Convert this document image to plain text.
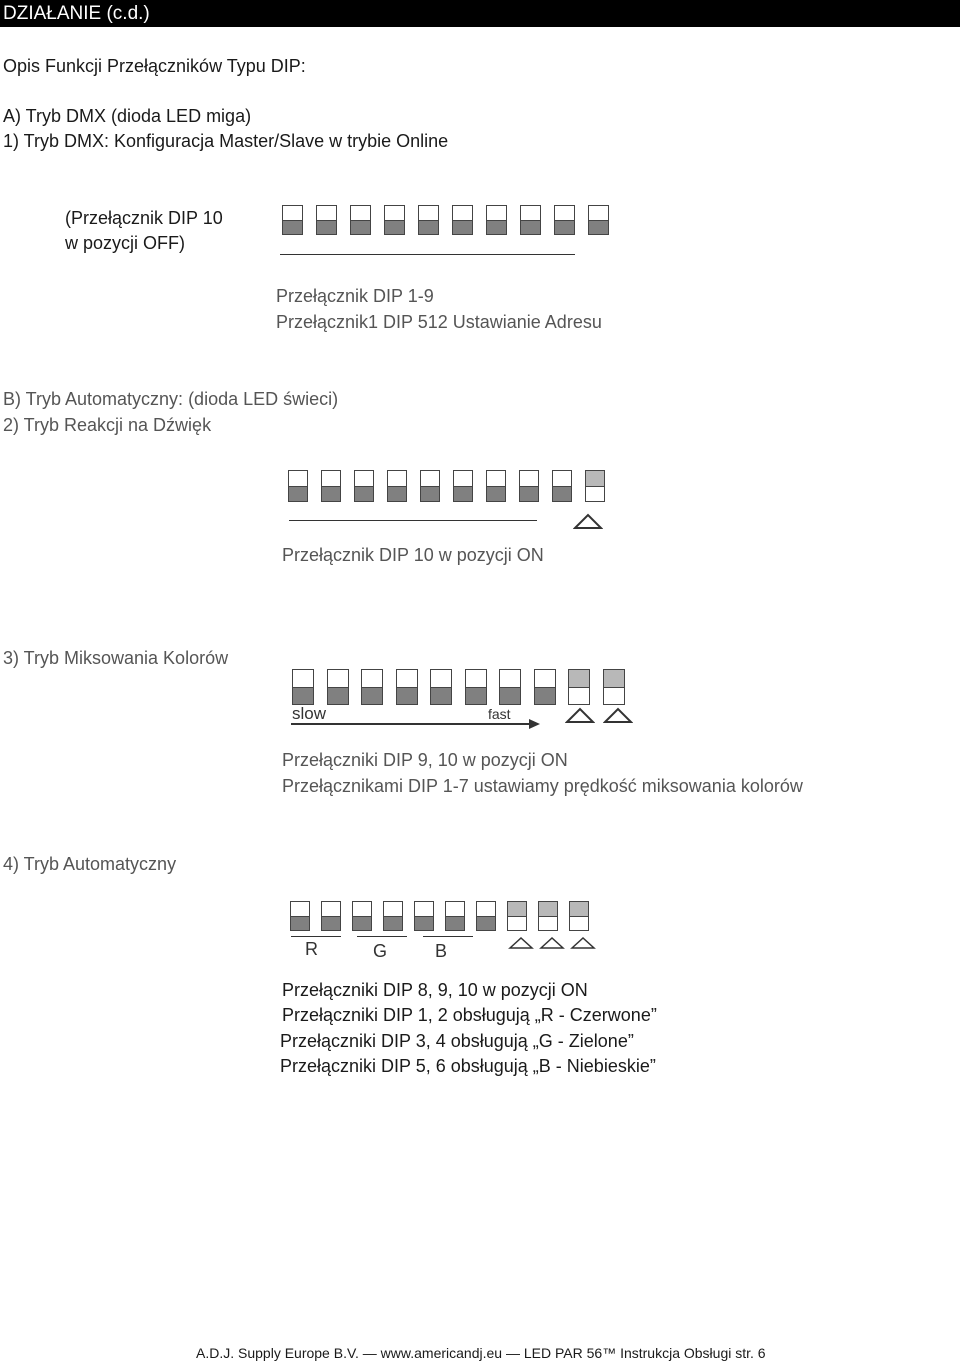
DZIAŁANIE (c.d.)
Opis Funkcji Przełączników Typu DIP:
A) Tryb DMX (dioda LED miga)
1) Tryb DMX: Konfiguracja Master/Slave w trybie Online
(Przełącznik DIP 10
w pozycji OFF)
Przełącznik DIP 1-9
Przełącznik1 DIP 512 Ustawianie Adresu
B) Tryb Automatyczny: (dioda LED świeci)
2) Tryb Reakcji na Dźwięk
Przełącznik DIP 10 w pozycji ON
3) Tryb Miksowania Kolorów
slow	fast
Przełączniki DIP 9, 10 w pozycji ON
Przełącznikami DIP 1-7 ustawiamy prędkość miksowania kolorów
4) Tryb Automatyczny
R	G	B
Przełączniki DIP 8, 9, 10 w pozycji ON
Przełączniki DIP 1, 2 obsługują „R - Czerwone”
Przełączniki DIP 3, 4 obsługują „G - Zielone”
Przełączniki DIP 5, 6 obsługują „B - Niebieskie”
A.D.J. Supply Europe B.V. — www.americandj.eu — LED PAR 56™ Instrukcja Obsługi str. 6
